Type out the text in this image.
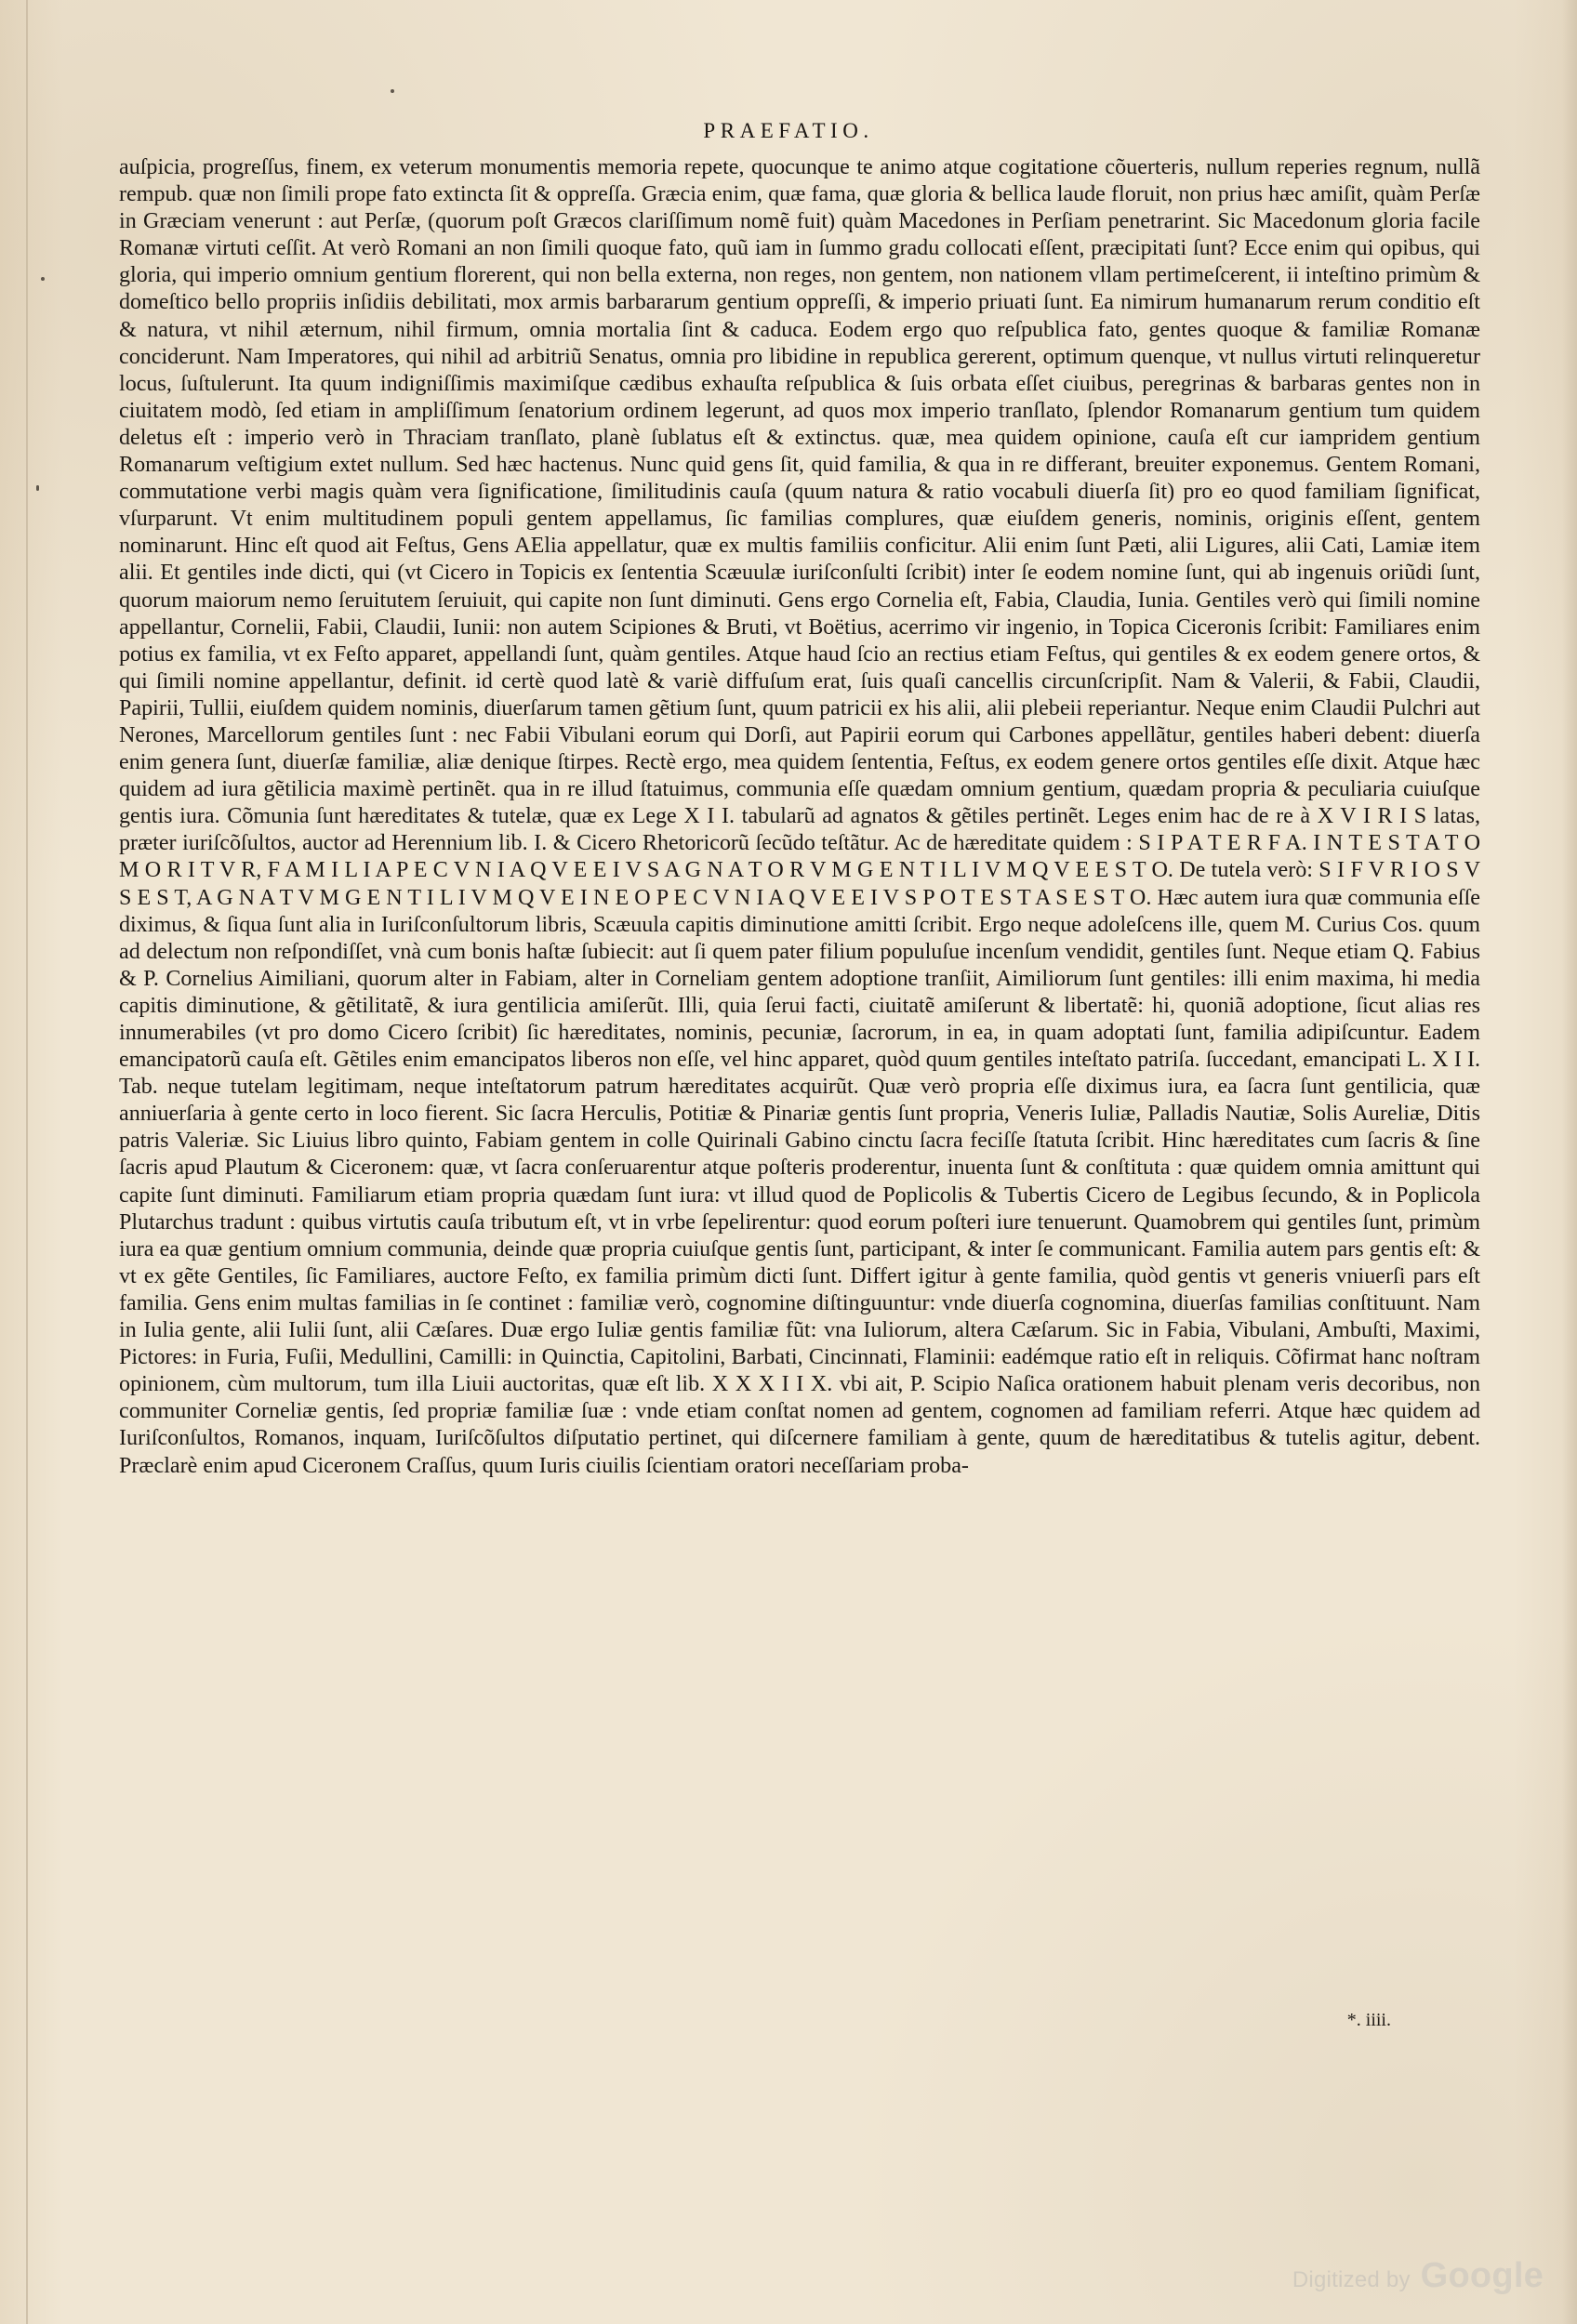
PRAEFATIO.
auſpicia, progreſſus, finem, ex veterum monumentis memoria repete, quocunque te animo atque cogitatione cõuerteris, nullum reperies regnum, nullã rempub. quæ non ſimili prope fato extincta ſit & oppreſſa. Græcia enim, quæ fama, quæ gloria & bellica laude floruit, non prius hæc amiſit, quàm Perſæ in Græciam venerunt : aut Perſæ, (quorum poſt Græcos clariſſimum nomẽ fuit) quàm Macedones in Perſiam penetrarint. Sic Macedonum gloria facile Romanæ virtuti ceſſit. At verò Romani an non ſimili quoque fato, quũ iam in ſummo gradu collocati eſſent, præcipitati ſunt? Ecce enim qui opibus, qui gloria, qui imperio omnium gentium florerent, qui non bella externa, non reges, non gentem, non nationem vllam pertimeſcerent, ii inteſtino primùm & domeſtico bello propriis inſidiis debilitati, mox armis barbararum gentium oppreſſi, & imperio priuati ſunt. Ea nimirum humanarum rerum conditio eſt & natura, vt nihil æternum, nihil firmum, omnia mortalia ſint & caduca. Eodem ergo quo reſpublica fato, gentes quoque & familiæ Romanæ conciderunt. Nam Imperatores, qui nihil ad arbitriũ Senatus, omnia pro libidine in republica gererent, optimum quenque, vt nullus virtuti relinqueretur locus, ſuſtulerunt. Ita quum indigniſſimis maximiſque cædibus exhauſta reſpublica & ſuis orbata eſſet ciuibus, peregrinas & barbaras gentes non in ciuitatem modò, ſed etiam in ampliſſimum ſenatorium ordinem legerunt, ad quos mox imperio tranſlato, ſplendor Romanarum gentium tum quidem deletus eſt : imperio verò in Thraciam tranſlato, planè ſublatus eſt & extinctus. quæ, mea quidem opinione, cauſa eſt cur iampridem gentium Romanarum veſtigium extet nullum. Sed hæc hactenus. Nunc quid gens ſit, quid familia, & qua in re differant, breuiter exponemus. Gentem Romani, commutatione verbi magis quàm vera ſignificatione, ſimilitudinis cauſa (quum natura & ratio vocabuli diuerſa ſit) pro eo quod familiam ſignificat, vſurparunt. Vt enim multitudinem populi gentem appellamus, ſic familias complures, quæ eiuſdem generis, nominis, originis eſſent, gentem nominarunt. Hinc eſt quod ait Feſtus, Gens AElia appellatur, quæ ex multis familiis conficitur. Alii enim ſunt Pæti, alii Ligures, alii Cati, Lamiæ item alii. Et gentiles inde dicti, qui (vt Cicero in Topicis ex ſententia Scæuulæ iuriſconſulti ſcribit) inter ſe eodem nomine ſunt, qui ab ingenuis oriũdi ſunt, quorum maiorum nemo ſeruitutem ſeruiuit, qui capite non ſunt diminuti. Gens ergo Cornelia eſt, Fabia, Claudia, Iunia. Gentiles verò qui ſimili nomine appellantur, Cornelii, Fabii, Claudii, Iunii: non autem Scipiones & Bruti, vt Boëtius, acerrimo vir ingenio, in Topica Ciceronis ſcribit: Familiares enim potius ex familia, vt ex Feſto apparet, appellandi ſunt, quàm gentiles. Atque haud ſcio an rectius etiam Feſtus, qui gentiles & ex eodem genere ortos, & qui ſimili nomine appellantur, definit. id certè quod latè & variè diffuſum erat, ſuis quaſi cancellis circunſcripſit. Nam & Valerii, & Fabii, Claudii, Papirii, Tullii, eiuſdem quidem nominis, diuerſarum tamen gẽtium ſunt, quum patricii ex his alii, alii plebeii reperiantur. Neque enim Claudii Pulchri aut Nerones, Marcellorum gentiles ſunt : nec Fabii Vibulani eorum qui Dorſi, aut Papirii eorum qui Carbones appellãtur, gentiles haberi debent: diuerſa enim genera ſunt, diuerſæ familiæ, aliæ denique ſtirpes. Rectè ergo, mea quidem ſententia, Feſtus, ex eodem genere ortos gentiles eſſe dixit. Atque hæc quidem ad iura gẽtilicia maximè pertinẽt. qua in re illud ſtatuimus, communia eſſe quædam omnium gentium, quædam propria & peculiaria cuiuſque gentis iura. Cõmunia ſunt hæreditates & tutelæ, quæ ex Lege X I I. tabularũ ad agnatos & gẽtiles pertinẽt. Leges enim hac de re à X V I R I S latas, præter iuriſcõſultos, auctor ad Herennium lib. I. & Cicero Rhetoricorũ ſecũdo teſtãtur. Ac de hæreditate quidem : S I P A T E R F A. I N T E S T A T O M O R I T V R, F A M I L I A P E C V N I A Q V E E I V S A G N A T O R V M G E N T I L I V M Q V E E S T O. De tutela verò: S I F V R I O S V S E S T, A G N A T V M G E N T I L I V M Q V E I N E O P E C V N I A Q V E E I V S P O T E S T A S E S T O. Hæc autem iura quæ communia eſſe diximus, & ſiqua ſunt alia in Iuriſconſultorum libris, Scæuula capitis diminutione amitti ſcribit. Ergo neque adoleſcens ille, quem M. Curius Cos. quum ad delectum non reſpondiſſet, vnà cum bonis haſtæ ſubiecit: aut ſi quem pater filium populuſue incenſum vendidit, gentiles ſunt. Neque etiam Q. Fabius & P. Cornelius Aimiliani, quorum alter in Fabiam, alter in Corneliam gentem adoptione tranſiit, Aimiliorum ſunt gentiles: illi enim maxima, hi media capitis diminutione, & gẽtilitatẽ, & iura gentilicia amiſerũt. Illi, quia ſerui facti, ciuitatẽ amiſerunt & libertatẽ: hi, quoniã adoptione, ſicut alias res innumerabiles (vt pro domo Cicero ſcribit) ſic hæreditates, nominis, pecuniæ, ſacrorum, in ea, in quam adoptati ſunt, familia adipiſcuntur. Eadem emancipatorũ cauſa eſt. Gẽtiles enim emancipatos liberos non eſſe, vel hinc apparet, quòd quum gentiles inteſtato patriſa. ſuccedant, emancipati L. X I I. Tab. neque tutelam legitimam, neque inteſtatorum patrum hæreditates acquirũt. Quæ verò propria eſſe diximus iura, ea ſacra ſunt gentilicia, quæ anniuerſaria à gente certo in loco fierent. Sic ſacra Herculis, Potitiæ & Pinariæ gentis ſunt propria, Veneris Iuliæ, Palladis Nautiæ, Solis Aureliæ, Ditis patris Valeriæ. Sic Liuius libro quinto, Fabiam gentem in colle Quirinali Gabino cinctu ſacra feciſſe ſtatuta ſcribit. Hinc hæreditates cum ſacris & ſine ſacris apud Plautum & Ciceronem: quæ, vt ſacra conſeruarentur atque poſteris proderentur, inuenta ſunt & conſtituta : quæ quidem omnia amittunt qui capite ſunt diminuti. Familiarum etiam propria quædam ſunt iura: vt illud quod de Poplicolis & Tubertis Cicero de Legibus ſecundo, & in Poplicola Plutarchus tradunt : quibus virtutis cauſa tributum eſt, vt in vrbe ſepelirentur: quod eorum poſteri iure tenuerunt. Quamobrem qui gentiles ſunt, primùm iura ea quæ gentium omnium communia, deinde quæ propria cuiuſque gentis ſunt, participant, & inter ſe communicant. Familia autem pars gentis eſt: & vt ex gẽte Gentiles, ſic Familiares, auctore Feſto, ex familia primùm dicti ſunt. Differt igitur à gente familia, quòd gentis vt generis vniuerſi pars eſt familia. Gens enim multas familias in ſe continet : familiæ verò, cognomine diſtinguuntur: vnde diuerſa cognomina, diuerſas familias conſtituunt. Nam in Iulia gente, alii Iulii ſunt, alii Cæſares. Duæ ergo Iuliæ gentis familiæ fũt: vna Iuliorum, altera Cæſarum. Sic in Fabia, Vibulani, Ambuſti, Maximi, Pictores: in Furia, Fuſii, Medullini, Camilli: in Quinctia, Capitolini, Barbati, Cincinnati, Flaminii: eadémque ratio eſt in reliquis. Cõfirmat hanc noſtram opinionem, cùm multorum, tum illa Liuii auctoritas, quæ eſt lib. X X X I I X. vbi ait, P. Scipio Naſica orationem habuit plenam veris decoribus, non communiter Corneliæ gentis, ſed propriæ familiæ ſuæ : vnde etiam conſtat nomen ad gentem, cognomen ad familiam referri. Atque hæc quidem ad Iuriſconſultos, Romanos, inquam, Iuriſcõſultos diſputatio pertinet, qui diſcernere familiam à gente, quum de hæreditatibus & tutelis agitur, debent. Præclarè enim apud Ciceronem Craſſus, quum Iuris ciuilis ſcientiam oratori neceſſariam proba-
*. iiii.
Digitized by Google
